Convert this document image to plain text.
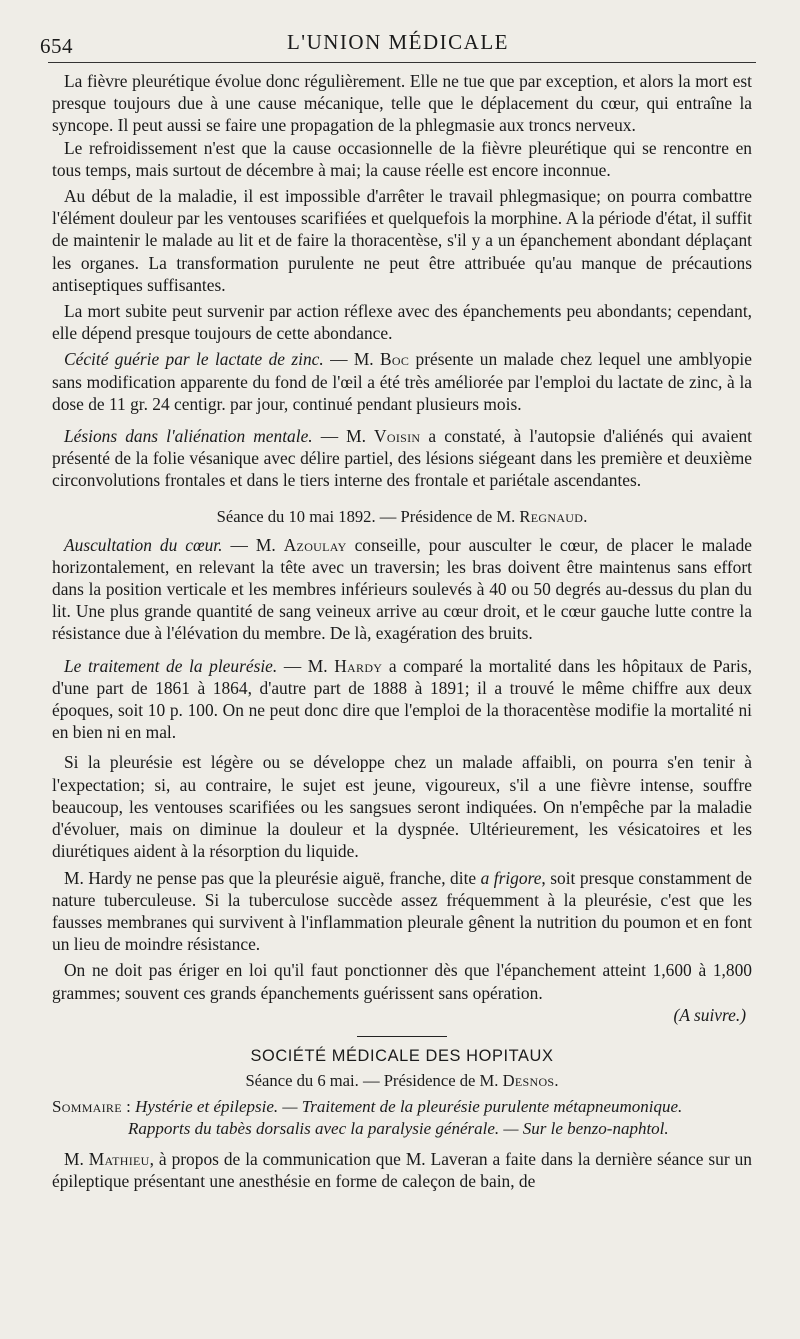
654	L'UNION MÉDICALE

La fièvre pleurétique évolue donc régulièrement. Elle ne tue que par exception, et alors la mort est presque toujours due à une cause mécanique, telle que le déplacement du cœur, qui entraîne la syncope. Il peut aussi se faire une propagation de la phlegmasie aux troncs nerveux.

Le refroidissement n'est que la cause occasionnelle de la fièvre pleurétique qui se rencontre en tous temps, mais surtout de décembre à mai; la cause réelle est encore inconnue.

Au début de la maladie, il est impossible d'arrêter le travail phlegmasique; on pourra combattre l'élément douleur par les ventouses scarifiées et quelquefois la morphine. A la période d'état, il suffit de maintenir le malade au lit et de faire la thoracentèse, s'il y a un épanchement abondant déplaçant les organes. La transformation purulente ne peut être attribuée qu'au manque de précautions antiseptiques suffisantes.

La mort subite peut survenir par action réflexe avec des épanchements peu abondants; cependant, elle dépend presque toujours de cette abondance.

Cécité guérie par le lactate de zinc. — M. Boc présente un malade chez lequel une amblyopie sans modification apparente du fond de l'œil a été très améliorée par l'emploi du lactate de zinc, à la dose de 11 gr. 24 centigr. par jour, continué pendant plusieurs mois.

Lésions dans l'aliénation mentale. — M. Voisin a constaté, à l'autopsie d'aliénés qui avaient présenté de la folie vésanique avec délire partiel, des lésions siégeant dans les première et deuxième circonvolutions frontales et dans le tiers interne des frontale et pariétale ascendantes.

Séance du 10 mai 1892. — Présidence de M. Regnaud.

Auscultation du cœur. — M. Azoulay conseille, pour ausculter le cœur, de placer le malade horizontalement, en relevant la tête avec un traversin; les bras doivent être maintenus sans effort dans la position verticale et les membres inférieurs soulevés à 40 ou 50 degrés au-dessus du plan du lit. Une plus grande quantité de sang veineux arrive au cœur droit, et le cœur gauche lutte contre la résistance due à l'élévation du membre. De là, exagération des bruits.

Le traitement de la pleurésie. — M. Hardy a comparé la mortalité dans les hôpitaux de Paris, d'une part de 1861 à 1864, d'autre part de 1888 à 1891; il a trouvé le même chiffre aux deux époques, soit 10 p. 100. On ne peut donc dire que l'emploi de la thoracentèse modifie la mortalité ni en bien ni en mal.

Si la pleurésie est légère ou se développe chez un malade affaibli, on pourra s'en tenir à l'expectation; si, au contraire, le sujet est jeune, vigoureux, s'il a une fièvre intense, souffre beaucoup, les ventouses scarifiées ou les sangsues seront indiquées. On n'empêche par la maladie d'évoluer, mais on diminue la douleur et la dyspnée. Ultérieurement, les vésicatoires et les diurétiques aident à la résorption du liquide.

M. Hardy ne pense pas que la pleurésie aiguë, franche, dite a frigore, soit presque constamment de nature tuberculeuse. Si la tuberculose succède assez fréquemment à la pleurésie, c'est que les fausses membranes qui survivent à l'inflammation pleurale gênent la nutrition du poumon et en font un lieu de moindre résistance.

On ne doit pas ériger en loi qu'il faut ponctionner dès que l'épanchement atteint 1,600 à 1,800 grammes; souvent ces grands épanchements guérissent sans opération.

(A suivre.)

SOCIÉTÉ MÉDICALE DES HOPITAUX
Séance du 6 mai. — Présidence de M. Desnos.

Sommaire : Hystérie et épilepsie. — Traitement de la pleurésie purulente métapneumonique.

Rapports du tabès dorsalis avec la paralysie générale. — Sur le benzo-naphtol.

M. Mathieu, à propos de la communication que M. Laveran a faite dans la dernière séance sur un épileptique présentant une anesthésie en forme de caleçon de bain, de
